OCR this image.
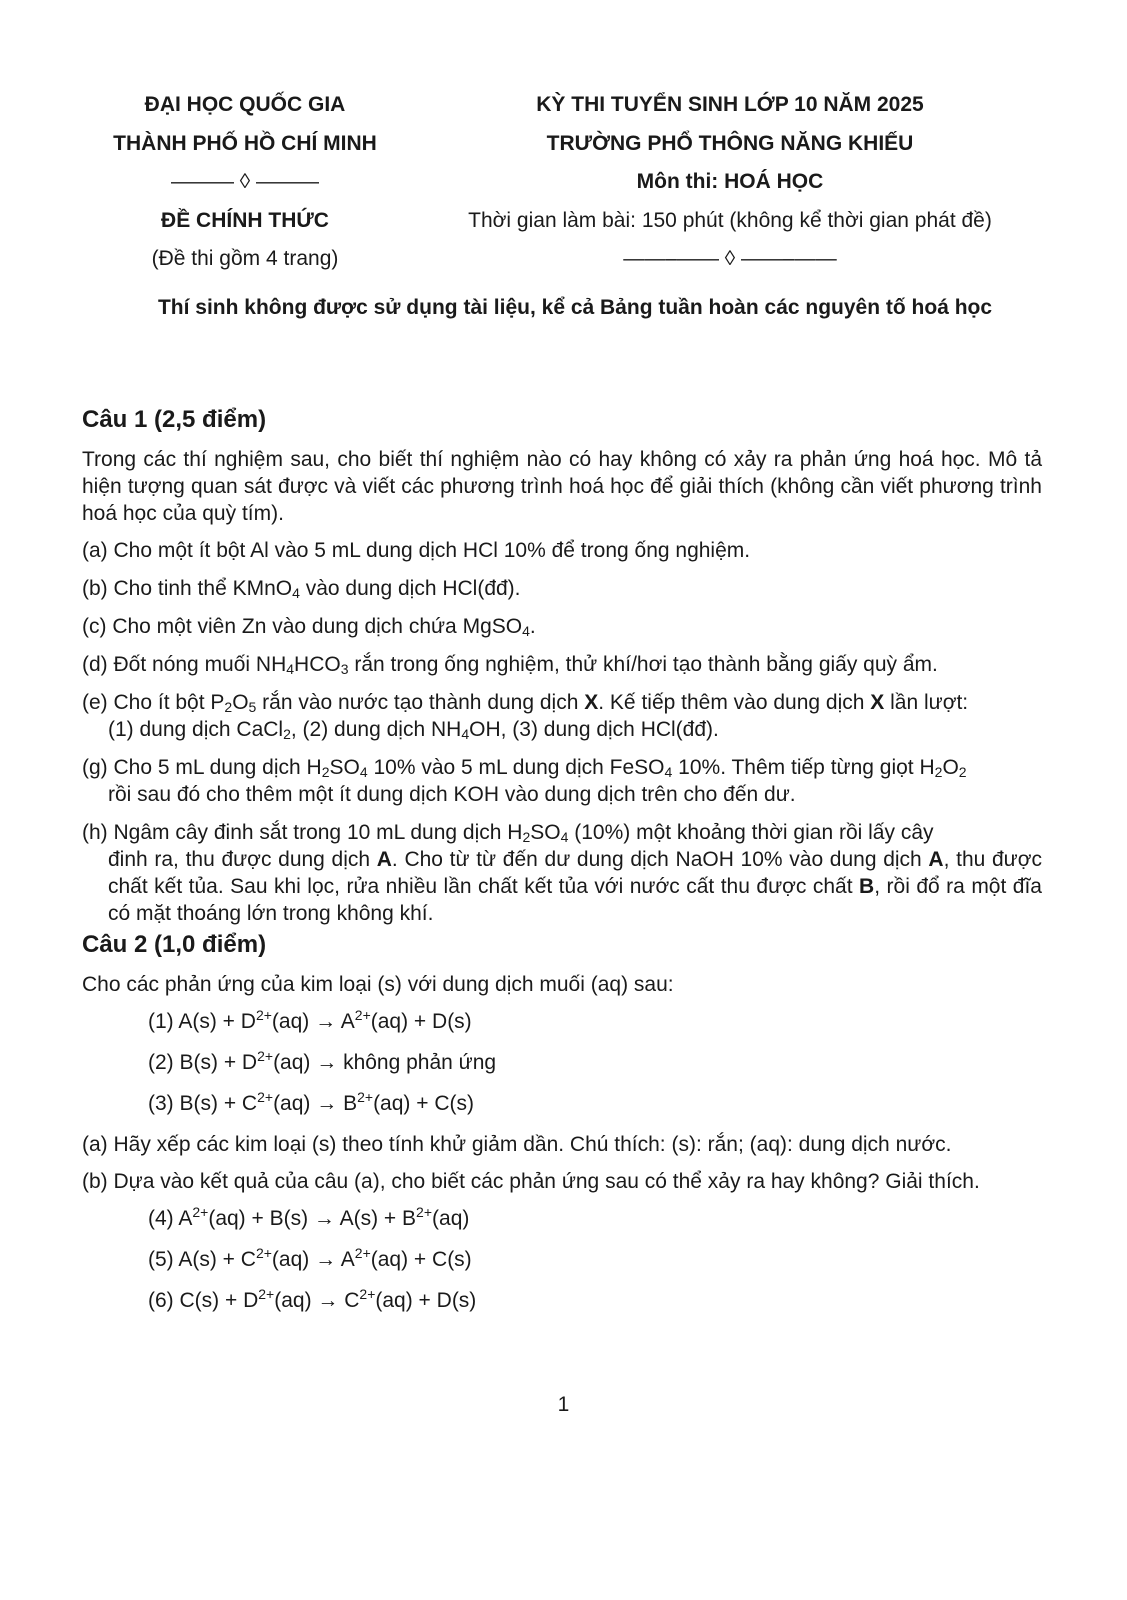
ĐẠI HỌC QUỐC GIA
THÀNH PHỐ HỒ CHÍ MINH
——— ◊ ———
ĐỀ CHÍNH THỨC
(Đề thi gồm 4 trang)
KỲ THI TUYỂN SINH LỚP 10 NĂM 2025
TRƯỜNG PHỔ THÔNG NĂNG KHIẾU
Môn thi: HOÁ HỌC
Thời gian làm bài: 150 phút (không kể thời gian phát đề)
——–—— ◊ ——–——
Thí sinh không được sử dụng tài liệu, kể cả Bảng tuần hoàn các nguyên tố hoá học
Câu 1 (2,5 điểm)
Trong các thí nghiệm sau, cho biết thí nghiệm nào có hay không có xảy ra phản ứng hoá học. Mô tả hiện tượng quan sát được và viết các phương trình hoá học để giải thích (không cần viết phương trình hoá học của quỳ tím).
(a) Cho một ít bột Al vào 5 mL dung dịch HCl 10% để trong ống nghiệm.
(b) Cho tinh thể KMnO$_4$ vào dung dịch HCl(đđ).
(c) Cho một viên Zn vào dung dịch chứa MgSO$_4$.
(d) Đốt nóng muối $NH_4HCO_3$ rắn trong ống nghiệm, thử khí/hơi tạo thành bằng giấy quỳ ẩm.
(e) Cho ít bột $P_2O_5$ rắn vào nước tạo thành dung dịch X. Kế tiếp thêm vào dung dịch X lần lượt:
(1) dung dịch CaCl$_2$, (2) dung dịch $NH_4OH$, (3) dung dịch HCl(đđ).
(g) Cho 5 mL dung dịch $H_2SO_4$ 10% vào 5 mL dung dịch FeSO$_4$ 10%. Thêm tiếp từng giọt $H_2O_2$
rồi sau đó cho thêm một ít dung dịch KOH vào dung dịch trên cho đến dư.
(h) Ngâm cây đinh sắt trong 10 mL dung dịch $H_2SO_4$ (10%) một khoảng thời gian rồi lấy cây
đinh ra, thu được dung dịch A. Cho từ từ đến dư dung dịch NaOH 10% vào dung dịch A, thu được chất kết tủa. Sau khi lọc, rửa nhiều lần chất kết tủa với nước cất thu được chất B, rồi đổ ra một đĩa có mặt thoáng lớn trong không khí.
Câu 2 (1,0 điểm)
Cho các phản ứng của kim loại (s) với dung dịch muối (aq) sau:
(1) $A(s) + D^{2+}(aq) \to A^{2+}(aq) + D(s)$
(2) $B(s) + D^{2+}(aq)$ → không phản ứng
(3) $B(s) + C^{2+}(aq) \to B^{2+}(aq) + C(s)$
(a) Hãy xếp các kim loại (s) theo tính khử giảm dần. Chú thích: (s): rắn; (aq): dung dịch nước.
(b) Dựa vào kết quả của câu (a), cho biết các phản ứng sau có thể xảy ra hay không? Giải thích.
(4) $A^{2+}(aq) + B(s) \to A(s) + B^{2+}(aq)$
(5) $A(s) + C^{2+}(aq) \to A^{2+}(aq) + C(s)$
(6) $C(s) + D^{2+}(aq) \to C^{2+}(aq) + D(s)$
1
